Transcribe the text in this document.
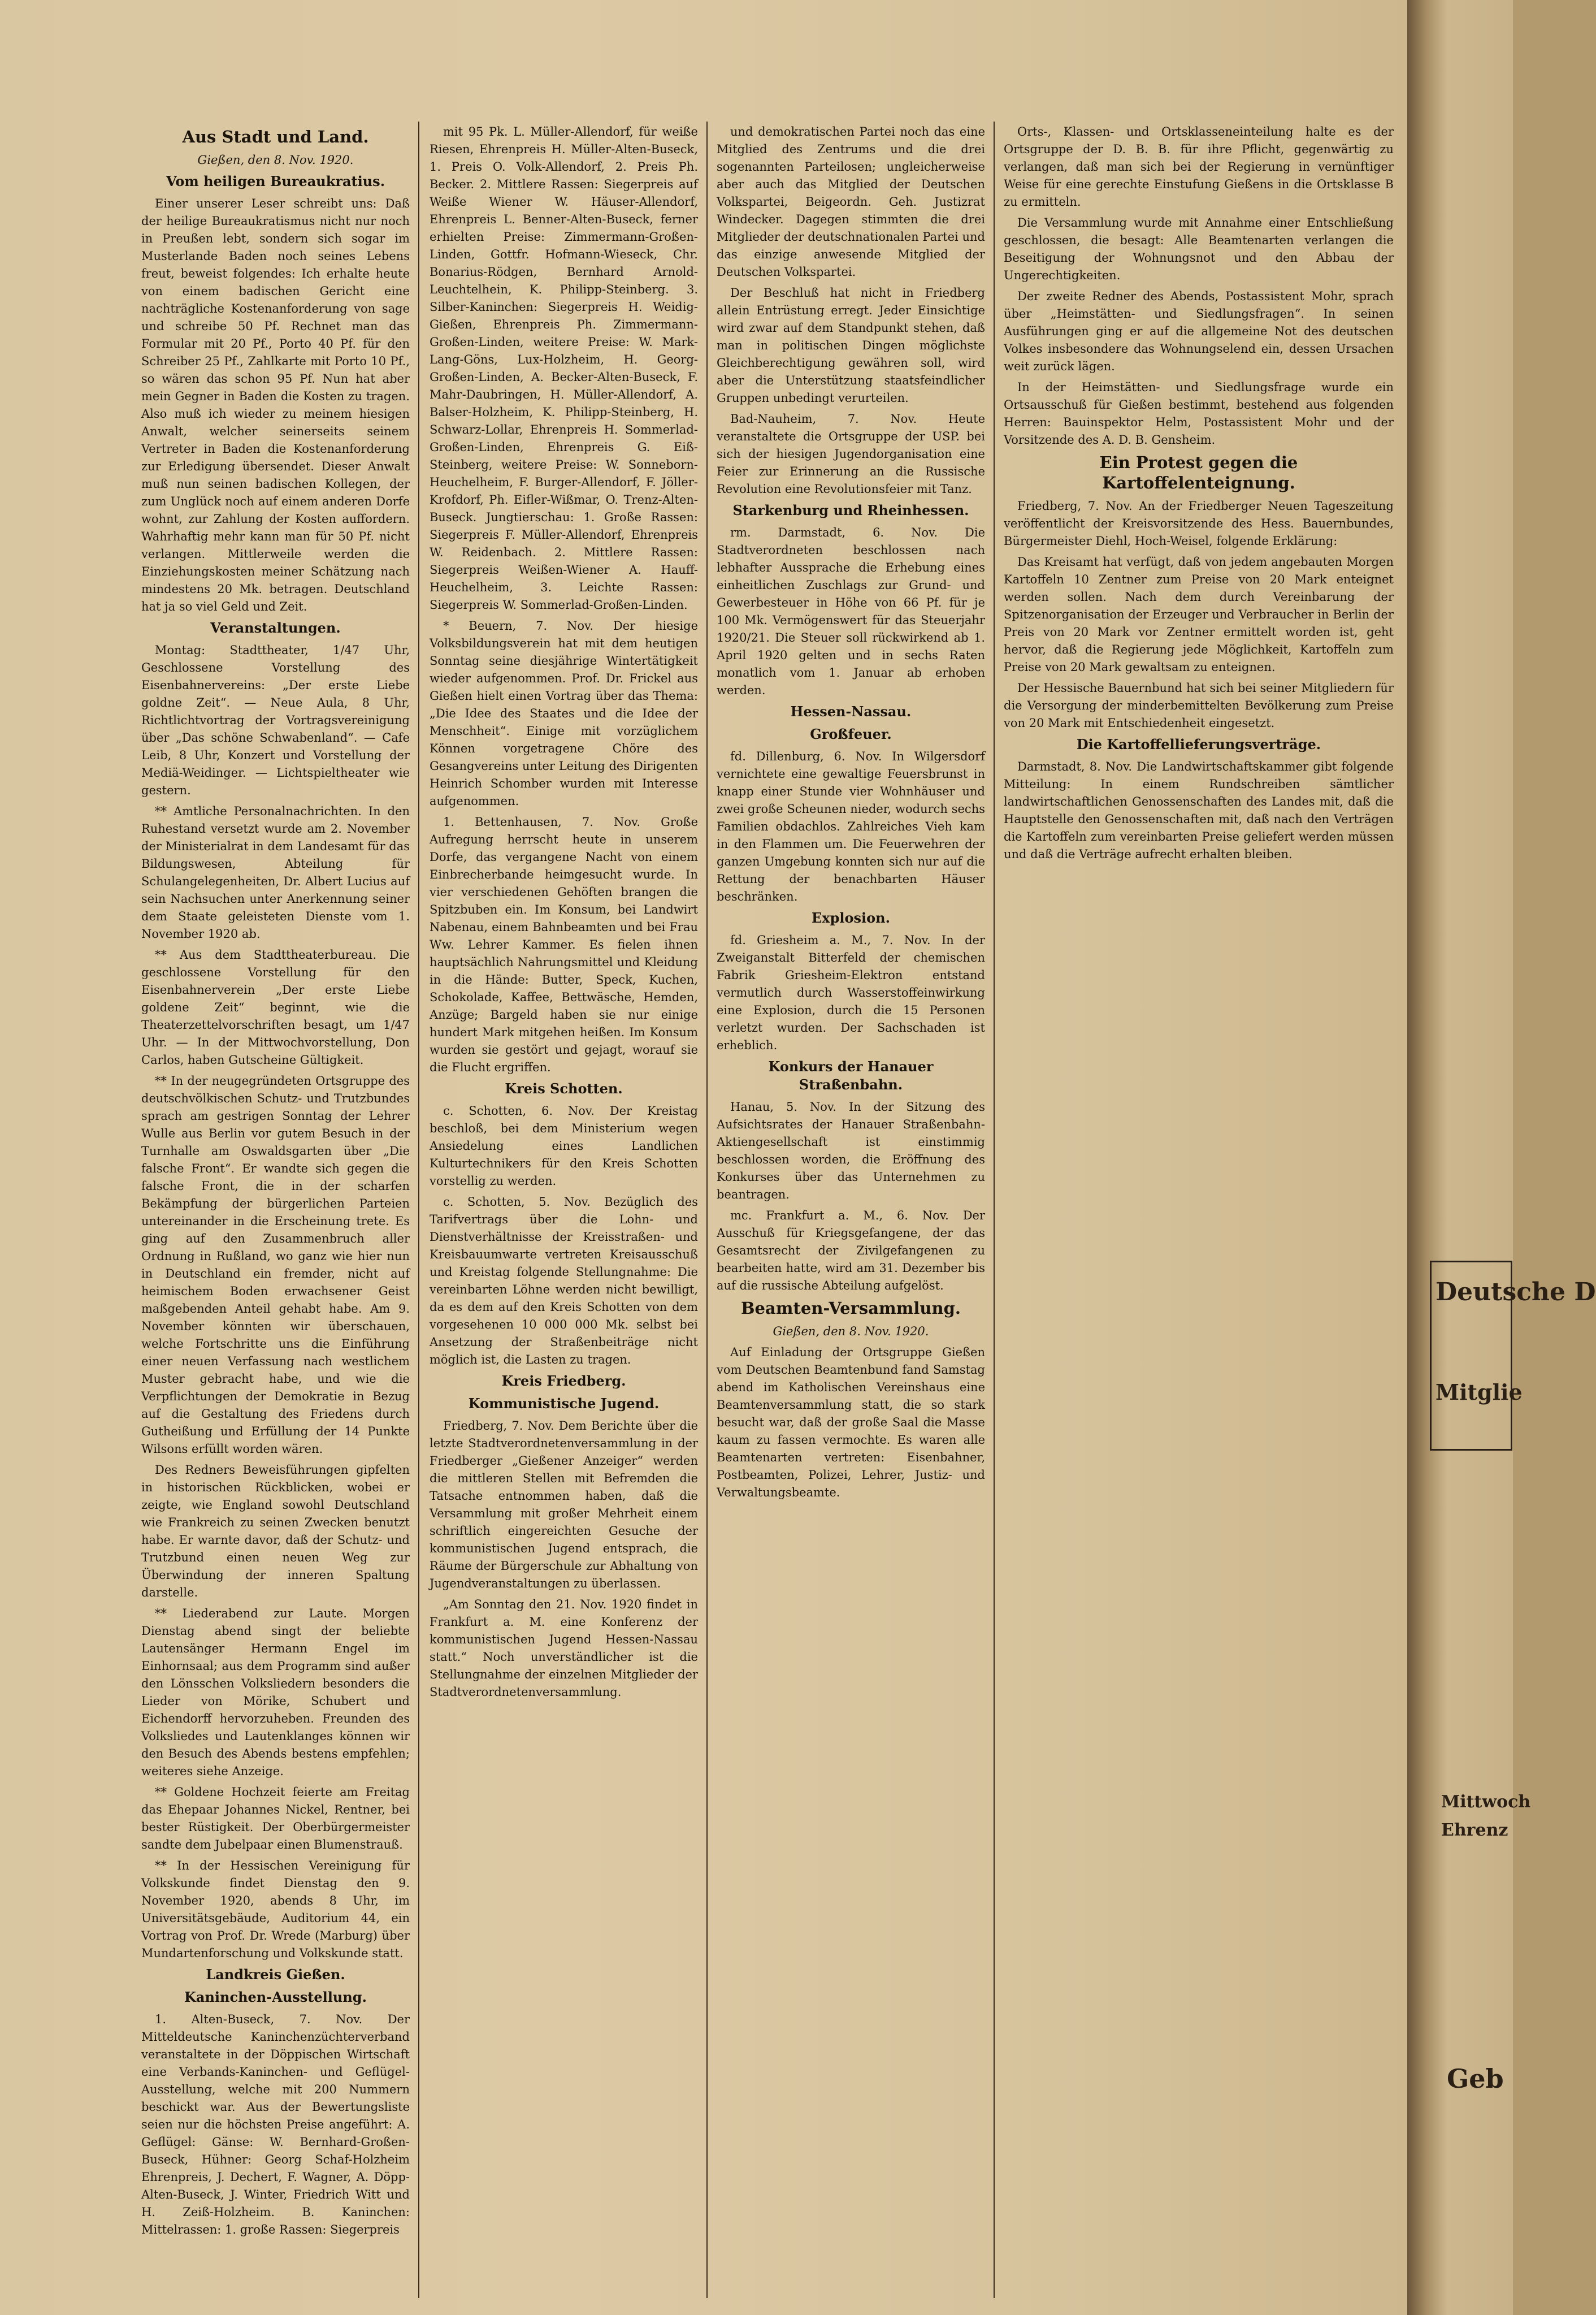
Aus Stadt und Land.
Gießen, den 8. Nov. 1920.
Vom heiligen Bureaukratius.

Einer unserer Leser schreibt uns: Daß der heilige Bureaukratismus nicht nur noch in Preußen lebt, sondern sich sogar im Musterlande Baden noch seines Lebens freut, beweist folgendes: Ich erhalte heute von einem badischen Gericht eine nachträgliche Kostenanforderung von sage und schreibe 50 Pf. Rechnet man das Formular mit 20 Pf., Porto 40 Pf. für den Schreiber 25 Pf., Zahlkarte mit Porto 10 Pf., so wären das schon 95 Pf. Nun hat aber mein Gegner in Baden die Kosten zu tragen. Also muß ich wieder zu meinem hiesigen Anwalt, welcher seinerseits seinem Vertreter in Baden die Kostenanforderung zur Erledigung übersendet. Dieser Anwalt muß nun seinen badischen Kollegen, der zum Unglück noch auf einem anderen Dorfe wohnt, zur Zahlung der Kosten auffordern. Wahrhaftig mehr kann man für 50 Pf. nicht verlangen. Mittlerweile werden die Einziehungskosten meiner Schätzung nach mindestens 20 Mk. betragen. Deutschland hat ja so viel Geld und Zeit.

Veranstaltungen.

Montag: Stadttheater, 1/47 Uhr, Geschlossene Vorstellung des Eisenbahnervereins: „Der erste Liebe goldne Zeit“. — Neue Aula, 8 Uhr, Richtlichtvortrag der Vortragsvereinigung über „Das schöne Schwabenland“. — Cafe Leib, 8 Uhr, Konzert und Vorstellung der Mediä-Weidinger. — Lichtspieltheater wie gestern.

** Amtliche Personalnachrichten. In den Ruhestand versetzt wurde am 2. November der Ministerialrat in dem Landesamt für das Bildungswesen, Abteilung für Schulangelegenheiten, Dr. Albert Lucius auf sein Nachsuchen unter Anerkennung seiner dem Staate geleisteten Dienste vom 1. November 1920 ab.

** Aus dem Stadttheaterbureau. Die geschlossene Vorstellung für den Eisenbahnerverein „Der erste Liebe goldene Zeit“ beginnt, wie die Theaterzettelvorschriften besagt, um 1/47 Uhr. — In der Mittwochvorstellung, Don Carlos, haben Gutscheine Gültigkeit.

** In der neugegründeten Ortsgruppe des deutschvölkischen Schutz- und Trutzbundes sprach am gestrigen Sonntag der Lehrer Wulle aus Berlin vor gutem Besuch in der Turnhalle am Oswaldsgarten über „Die falsche Front“. Er wandte sich gegen die falsche Front, die in der scharfen Bekämpfung der bürgerlichen Parteien untereinander in die Erscheinung trete. Es ging auf den Zusammenbruch aller Ordnung in Rußland, wo ganz wie hier nun in Deutschland ein fremder, nicht auf heimischem Boden erwachsener Geist maßgebenden Anteil gehabt habe. Am 9. November könnten wir überschauen, welche Fortschritte uns die Einführung einer neuen Verfassung nach westlichem Muster gebracht habe, und wie die Verpflichtungen der Demokratie in Bezug auf die Gestaltung des Friedens durch Gutheißung und Erfüllung der 14 Punkte Wilsons erfüllt worden wären.

Des Redners Beweisführungen gipfelten in historischen Rückblicken, wobei er zeigte, wie England sowohl Deutschland wie Frankreich zu seinen Zwecken benutzt habe. Er warnte davor, daß der Schutz- und Trutzbund einen neuen Weg zur Überwindung der inneren Spaltung darstelle.

** Liederabend zur Laute. Morgen Dienstag abend singt der beliebte Lautensänger Hermann Engel im Einhornsaal; aus dem Programm sind außer den Lönsschen Volksliedern besonders die Lieder von Mörike, Schubert und Eichendorff hervorzuheben. Freunden des Volksliedes und Lautenklanges können wir den Besuch des Abends bestens empfehlen; weiteres siehe Anzeige.

** Goldene Hochzeit feierte am Freitag das Ehepaar Johannes Nickel, Rentner, bei bester Rüstigkeit. Der Oberbürgermeister sandte dem Jubelpaar einen Blumenstrauß.

** In der Hessischen Vereinigung für Volkskunde findet Dienstag den 9. November 1920, abends 8 Uhr, im Universitätsgebäude, Auditorium 44, ein Vortrag von Prof. Dr. Wrede (Marburg) über Mundartenforschung und Volkskunde statt.

Landkreis Gießen.
Kaninchen-Ausstellung.

1. Alten-Buseck, 7. Nov. Der Mitteldeutsche Kaninchenzüchterverband veranstaltete in der Döppischen Wirtschaft eine Verbands-Kaninchen- und Geflügel-Ausstellung, welche mit 200 Nummern beschickt war. Aus der Bewertungsliste seien nur die höchsten Preise angeführt: A. Geflügel: Gänse: W. Bernhard-Großen-Buseck, Hühner: Georg Schaf-Holzheim Ehrenpreis, J. Dechert, F. Wagner, A. Döpp-Alten-Buseck, J. Winter, Friedrich Witt und H. Zeiß-Holzheim. B. Kaninchen: Mittelrassen: 1. große Rassen: Siegerpreis

mit 95 Pk. L. Müller-Allendorf, für weiße Riesen, Ehrenpreis H. Müller-Alten-Buseck, 1. Preis O. Volk-Allendorf, 2. Preis Ph. Becker. 2. Mittlere Rassen: Siegerpreis auf Weiße Wiener W. Häuser-Allendorf, Ehrenpreis L. Benner-Alten-Buseck, ferner erhielten Preise: Zimmermann-Großen-Linden, Gottfr. Hofmann-Wieseck, Chr. Bonarius-Rödgen, Bernhard Arnold-Leuchtelhein, K. Philipp-Steinberg. 3. Silber-Kaninchen: Siegerpreis H. Weidig-Gießen, Ehrenpreis Ph. Zimmermann-Großen-Linden, weitere Preise: W. Mark-Lang-Göns, Lux-Holzheim, H. Georg-Großen-Linden, A. Becker-Alten-Buseck, F. Mahr-Daubringen, H. Müller-Allendorf, A. Balser-Holzheim, K. Philipp-Steinberg, H. Schwarz-Lollar, Ehrenpreis H. Sommerlad-Großen-Linden, Ehrenpreis G. Eiß-Steinberg, weitere Preise: W. Sonneborn-Heuchelheim, F. Burger-Allendorf, F. Jöller-Krofdorf, Ph. Eifler-Wißmar, O. Trenz-Alten-Buseck. Jungtierschau: 1. Große Rassen: Siegerpreis F. Müller-Allendorf, Ehrenpreis W. Reidenbach. 2. Mittlere Rassen: Siegerpreis Weißen-Wiener A. Hauff-Heuchelheim, 3. Leichte Rassen: Siegerpreis W. Sommerlad-Großen-Linden.

* Beuern, 7. Nov. Der hiesige Volksbildungsverein hat mit dem heutigen Sonntag seine diesjährige Wintertätigkeit wieder aufgenommen. Prof. Dr. Frickel aus Gießen hielt einen Vortrag über das Thema: „Die Idee des Staates und die Idee der Menschheit“. Einige mit vorzüglichem Können vorgetragene Chöre des Gesangvereins unter Leitung des Dirigenten Heinrich Schomber wurden mit Interesse aufgenommen.

1. Bettenhausen, 7. Nov. Große Aufregung herrscht heute in unserem Dorfe, das vergangene Nacht von einem Einbrecherbande heimgesucht wurde. In vier verschiedenen Gehöften brangen die Spitzbuben ein. Im Konsum, bei Landwirt Nabenau, einem Bahnbeamten und bei Frau Ww. Lehrer Kammer. Es fielen ihnen hauptsächlich Nahrungsmittel und Kleidung in die Hände: Butter, Speck, Kuchen, Schokolade, Kaffee, Bettwäsche, Hemden, Anzüge; Bargeld haben sie nur einige hundert Mark mitgehen heißen. Im Konsum wurden sie gestört und gejagt, worauf sie die Flucht ergriffen.

Kreis Schotten.

c. Schotten, 6. Nov. Der Kreistag beschloß, bei dem Ministerium wegen Ansiedelung eines Landlichen Kulturtechnikers für den Kreis Schotten vorstellig zu werden.

c. Schotten, 5. Nov. Bezüglich des Tarifvertrags über die Lohn- und Dienstverhältnisse der Kreisstraßen- und Kreisbauumwarte vertreten Kreisausschuß und Kreistag folgende Stellungnahme: Die vereinbarten Löhne werden nicht bewilligt, da es dem auf den Kreis Schotten von dem vorgesehenen 10 000 000 Mk. selbst bei Ansetzung der Straßenbeiträge nicht möglich ist, die Lasten zu tragen.

Kreis Friedberg.
Kommunistische Jugend.

Friedberg, 7. Nov. Dem Berichte über die letzte Stadtverordnetenversammlung in der Friedberger „Gießener Anzeiger“ werden die mittleren Stellen mit Befremden die Tatsache entnommen haben, daß die Versammlung mit großer Mehrheit einem schriftlich eingereichten Gesuche der kommunistischen Jugend entsprach, die Räume der Bürgerschule zur Abhaltung von Jugendveranstaltungen zu überlassen.

„Am Sonntag den 21. Nov. 1920 findet in Frankfurt a. M. eine Konferenz der kommunistischen Jugend Hessen-Nassau statt.“ Noch unverständlicher ist die Stellungnahme der einzelnen Mitglieder der Stadtverordnetenversammlung.

und demokratischen Partei noch das eine Mitglied des Zentrums und die drei sogenannten Parteilosen; ungleicherweise aber auch das Mitglied der Deutschen Volkspartei, Beigeordn. Geh. Justizrat Windecker. Dagegen stimmten die drei Mitglieder der deutschnationalen Partei und das einzige anwesende Mitglied der Deutschen Volkspartei.

Der Beschluß hat nicht in Friedberg allein Entrüstung erregt. Jeder Einsichtige wird zwar auf dem Standpunkt stehen, daß man in politischen Dingen möglichste Gleichberechtigung gewähren soll, wird aber die Unterstützung staatsfeindlicher Gruppen unbedingt verurteilen.

Bad-Nauheim, 7. Nov. Heute veranstaltete die Ortsgruppe der USP. bei sich der hiesigen Jugendorganisation eine Feier zur Erinnerung an die Russische Revolution eine Revolutionsfeier mit Tanz.

Starkenburg und Rheinhessen.

rm. Darmstadt, 6. Nov. Die Stadtverordneten beschlossen nach lebhafter Aussprache die Erhebung eines einheitlichen Zuschlags zur Grund- und Gewerbesteuer in Höhe von 66 Pf. für je 100 Mk. Vermögenswert für das Steuerjahr 1920/21. Die Steuer soll rückwirkend ab 1. April 1920 gelten und in sechs Raten monatlich vom 1. Januar ab erhoben werden.

Hessen-Nassau.
Großfeuer.

fd. Dillenburg, 6. Nov. In Wilgersdorf vernichtete eine gewaltige Feuersbrunst in knapp einer Stunde vier Wohnhäuser und zwei große Scheunen nieder, wodurch sechs Familien obdachlos. Zahlreiches Vieh kam in den Flammen um. Die Feuerwehren der ganzen Umgebung konnten sich nur auf die Rettung der benachbarten Häuser beschränken.

Explosion.

fd. Griesheim a. M., 7. Nov. In der Zweiganstalt Bitterfeld der chemischen Fabrik Griesheim-Elektron entstand vermutlich durch Wasserstoffeinwirkung eine Explosion, durch die 15 Personen verletzt wurden. Der Sachschaden ist erheblich.

Konkurs der Hanauer Straßenbahn.

Hanau, 5. Nov. In der Sitzung des Aufsichtsrates der Hanauer Straßenbahn-Aktiengesellschaft ist einstimmig beschlossen worden, die Eröffnung des Konkurses über das Unternehmen zu beantragen.

mc. Frankfurt a. M., 6. Nov. Der Ausschuß für Kriegsgefangene, der das Gesamtsrecht der Zivilgefangenen zu bearbeiten hatte, wird am 31. Dezember bis auf die russische Abteilung aufgelöst.

Beamten-Versammlung.
Gießen, den 8. Nov. 1920.

Auf Einladung der Ortsgruppe Gießen vom Deutschen Beamtenbund fand Samstag abend im Katholischen Vereinshaus eine Beamtenversammlung statt, die so stark besucht war, daß der große Saal die Masse kaum zu fassen vermochte. Es waren alle Beamtenarten vertreten: Eisenbahner, Postbeamten, Polizei, Lehrer, Justiz- und Verwaltungsbeamte.

Orts-, Klassen- und Ortsklasseneinteilung halte es der Ortsgruppe der D. B. B. für ihre Pflicht, gegenwärtig zu verlangen, daß man sich bei der Regierung in vernünftiger Weise für eine gerechte Einstufung Gießens in die Ortsklasse B zu ermitteln.

Die Versammlung wurde mit Annahme einer Entschließung geschlossen, die besagt: Alle Beamtenarten verlangen die Beseitigung der Wohnungsnot und den Abbau der Ungerechtigkeiten.

Der zweite Redner des Abends, Postassistent Mohr, sprach über „Heimstätten- und Siedlungsfragen“. In seinen Ausführungen ging er auf die allgemeine Not des deutschen Volkes insbesondere das Wohnungselend ein, dessen Ursachen weit zurück lägen.

In der Heimstätten- und Siedlungsfrage wurde ein Ortsausschuß für Gießen bestimmt, bestehend aus folgenden Herren: Bauinspektor Helm, Postassistent Mohr und der Vorsitzende des A. D. B. Gensheim.

Ein Protest gegen die Kartoffelenteignung.

Friedberg, 7. Nov. An der Friedberger Neuen Tageszeitung veröffentlicht der Kreisvorsitzende des Hess. Bauernbundes, Bürgermeister Diehl, Hoch-Weisel, folgende Erklärung:

Das Kreisamt hat verfügt, daß von jedem angebauten Morgen Kartoffeln 10 Zentner zum Preise von 20 Mark enteignet werden sollen. Nach dem durch Vereinbarung der Spitzenorganisation der Erzeuger und Verbraucher in Berlin der Preis von 20 Mark vor Zentner ermittelt worden ist, geht hervor, daß die Regierung jede Möglichkeit, Kartoffeln zum Preise von 20 Mark gewaltsam zu enteignen.

Der Hessische Bauernbund hat sich bei seiner Mitgliedern für die Versorgung der minderbemittelten Bevölkerung zum Preise von 20 Mark mit Entschiedenheit eingesetzt.

Die Kartoffellieferungsverträge.

Darmstadt, 8. Nov. Die Landwirtschaftskammer gibt folgende Mitteilung: In einem Rundschreiben sämtlicher landwirtschaftlichen Genossenschaften des Landes mit, daß die Hauptstelle den Genossenschaften mit, daß nach den Verträgen die Kartoffeln zum vereinbarten Preise geliefert werden müssen und daß die Verträge aufrecht erhalten bleiben.

Deutsche D
Mitglie
Mittwoch
Ehrenz
Geb
